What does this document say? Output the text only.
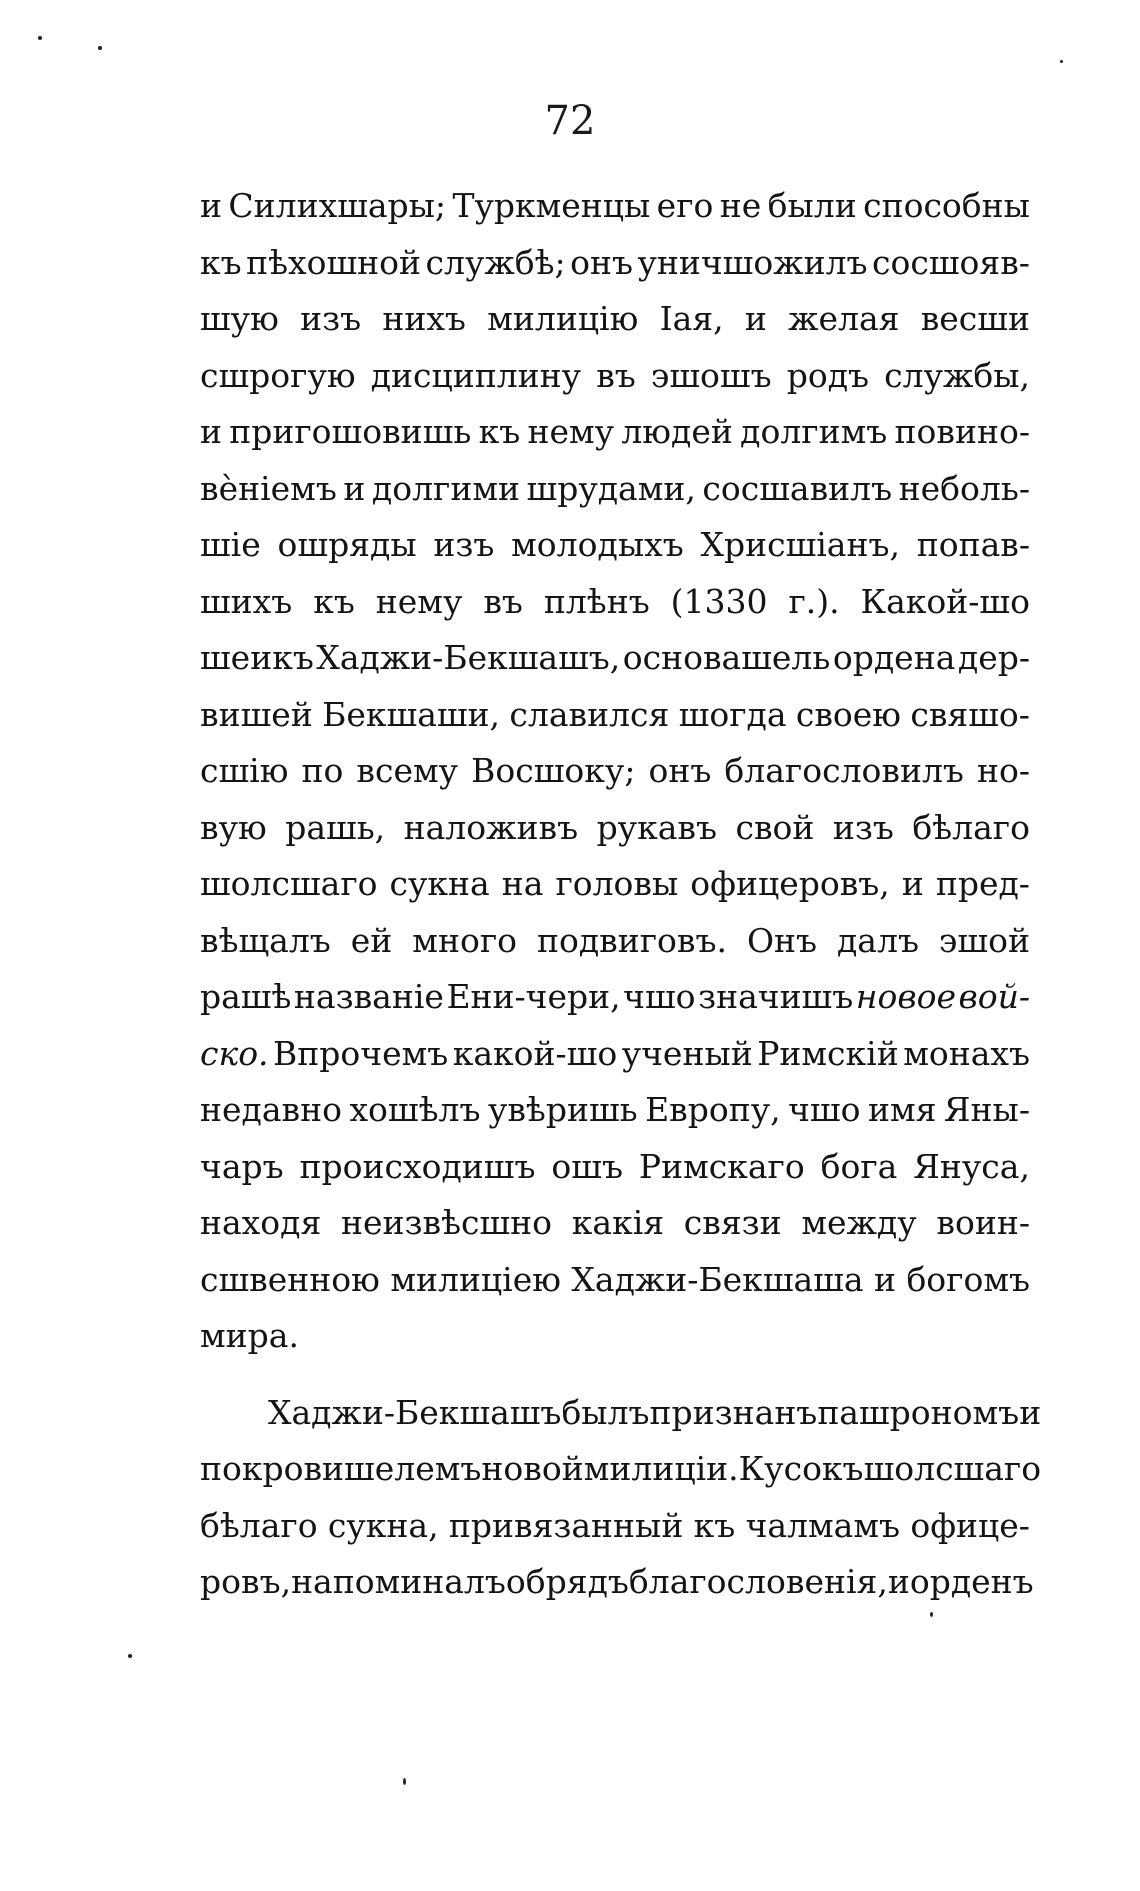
72
и Силихшары; Туркменцы его не были способны
къ пѣхошной службѣ; онъ уничшожилъ сосшояв-
шую изъ нихъ милицію Іая, и желая весши
сшрогую дисциплину въ эшошъ родъ службы,
и пригошовишь къ нему людей долгимъ повино-
вèніемъ и долгими шрудами, сосшавилъ неболь-
шіе ошряды изъ молодыхъ Хрисшіанъ, попав-
шихъ къ нему въ плѣнъ (1330 г.). Какой-шо
шеикъ Хаджи-Бекшашъ, основашель ордена дер-
вишей Бекшаши, славился шогда своею свяшо-
сшію по всему Восшоку; онъ благословилъ но-
вую рашь, наложивъ рукавъ свой изъ бѣлаго
шолсшаго сукна на головы офицеровъ, и пред-
вѣщалъ ей много подвиговъ. Онъ далъ эшой
рашѣ названіе Ени-чери, чшо значишъ новое вой-
ско. Впрочемъ какой-шо ученый Римскій монахъ
недавно хошѣлъ увѣришь Европу, чшо имя Яны-
чаръ происходишъ ошъ Римскаго бога Януса,
находя неизвѣсшно какія связи между воин-
сшвенною милиціею Хаджи-Бекшаша и богомъ
мира.
Хаджи-Бекшашъ былъ признанъ пашрономъ и
покровишелемъ новой милиціи. Кусокъ шолсшаго
бѣлаго сукна, привязанный къ чалмамъ офице-
ровъ, напоминалъ обрядъ благословенія, и орденъ
